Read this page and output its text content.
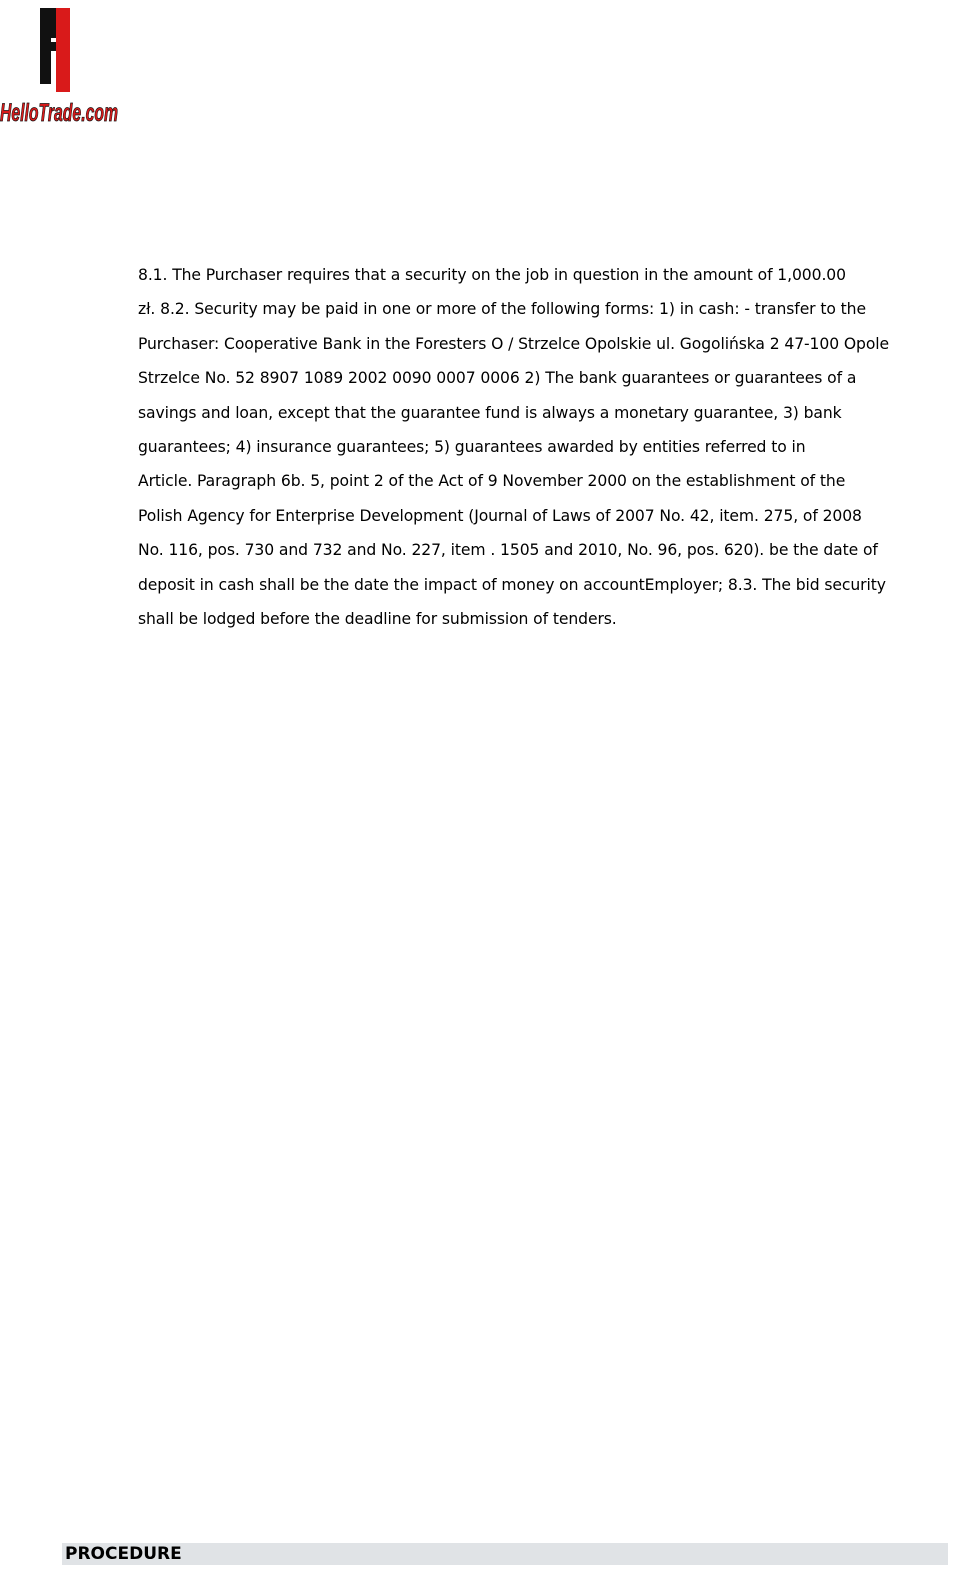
HelloTrade.com
8.1. The Purchaser requires that a security on the job in question in the amount of 1,000.00
zł. 8.2. Security may be paid in one or more of the following forms: 1) in cash: - transfer to the
Purchaser: Cooperative Bank in the Foresters O / Strzelce Opolskie ul. Gogolińska 2 47-100 Opole
Strzelce No. 52 8907 1089 2002 0090 0007 0006 2) The bank guarantees or guarantees of a
savings and loan, except that the guarantee fund is always a monetary guarantee, 3) bank
guarantees; 4) insurance guarantees; 5) guarantees awarded by entities referred to in
Article. Paragraph 6b. 5, point 2 of the Act of 9 November 2000 on the establishment of the
Polish Agency for Enterprise Development (Journal of Laws of 2007 No. 42, item. 275, of 2008
No. 116, pos. 730 and 732 and No. 227, item . 1505 and 2010, No. 96, pos. 620). be the date of
deposit in cash shall be the date the impact of money on accountEmployer; 8.3. The bid security
shall be lodged before the deadline for submission of tenders.
PROCEDURE
